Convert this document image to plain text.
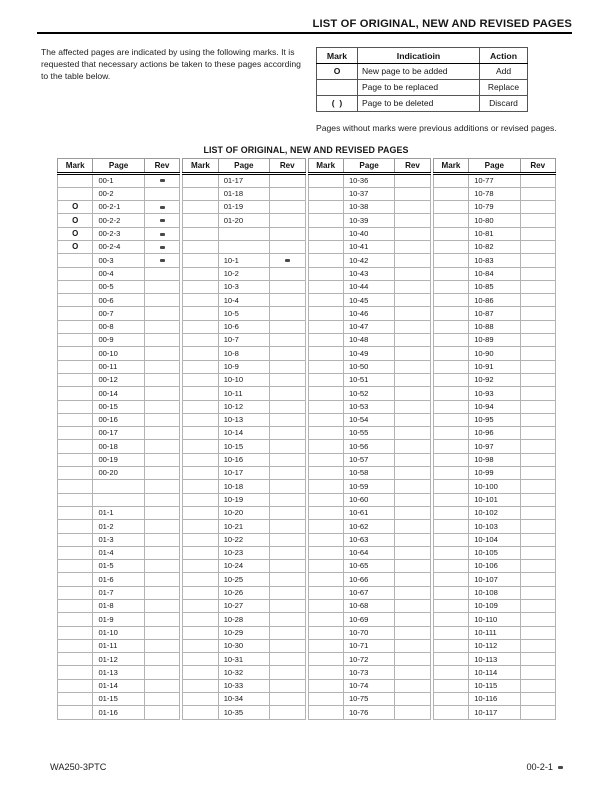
LIST OF ORIGINAL, NEW AND REVISED PAGES
The affected pages are indicated by using the following marks. It is requested that necessary actions be taken to these pages according to the table below.
Mark	Indicatioin	Action
O	New page to be added	Add
	Page to be replaced	Replace
(  )	Page to be deleted	Discard
Pages without marks were previous additions or revised pages.
LIST OF ORIGINAL, NEW AND REVISED PAGES
Mark	Page	Rev
	00-1	
	00-2	
O	00-2-1	
O	00-2-2	
O	00-2-3	
O	00-2-4	
	00-3	
	00-4	
	00-5	
	00-6	
	00-7	
	00-8	
	00-9	
	00-10	
	00-11	
	00-12	
	00-14	
	00-15	
	00-16	
	00-17	
	00-18	
	00-19	
	00-20	

	01-1	
	01-2	
	01-3	
	01-4	
	01-5	
	01-6	
	01-7	
	01-8	
	01-9	
	01-10	
	01-11	
	01-12	
	01-13	
	01-14	
	01-15	
	01-16	
Mark	Page	Rev
	01-17	
	01-18	
	01-19	
	01-20	

	10-1	
	10-2	
	10-3	
	10-4	
	10-5	
	10-6	
	10-7	
	10-8	
	10-9	
	10-10	
	10-11	
	10-12	
	10-13	
	10-14	
	10-15	
	10-16	
	10-17	
	10-18	
	10-19	
	10-20	
	10-21	
	10-22	
	10-23	
	10-24	
	10-25	
	10-26	
	10-27	
	10-28	
	10-29	
	10-30	
	10-31	
	10-32	
	10-33	
	10-34	
	10-35	
Mark	Page	Rev
	10-36	
	10-37	
	10-38	
	10-39	
	10-40	
	10-41	
	10-42	
	10-43	
	10-44	
	10-45	
	10-46	
	10-47	
	10-48	
	10-49	
	10-50	
	10-51	
	10-52	
	10-53	
	10-54	
	10-55	
	10-56	
	10-57	
	10-58	
	10-59	
	10-60	
	10-61	
	10-62	
	10-63	
	10-64	
	10-65	
	10-66	
	10-67	
	10-68	
	10-69	
	10-70	
	10-71	
	10-72	
	10-73	
	10-74	
	10-75	
	10-76	
Mark	Page	Rev
	10-77	
	10-78	
	10-79	
	10-80	
	10-81	
	10-82	
	10-83	
	10-84	
	10-85	
	10-86	
	10-87	
	10-88	
	10-89	
	10-90	
	10-91	
	10-92	
	10-93	
	10-94	
	10-95	
	10-96	
	10-97	
	10-98	
	10-99	
	10-100	
	10-101	
	10-102	
	10-103	
	10-104	
	10-105	
	10-106	
	10-107	
	10-108	
	10-109	
	10-110	
	10-111	
	10-112	
	10-113	
	10-114	
	10-115	
	10-116	
	10-117	
WA250-3PTC	00-2-1
